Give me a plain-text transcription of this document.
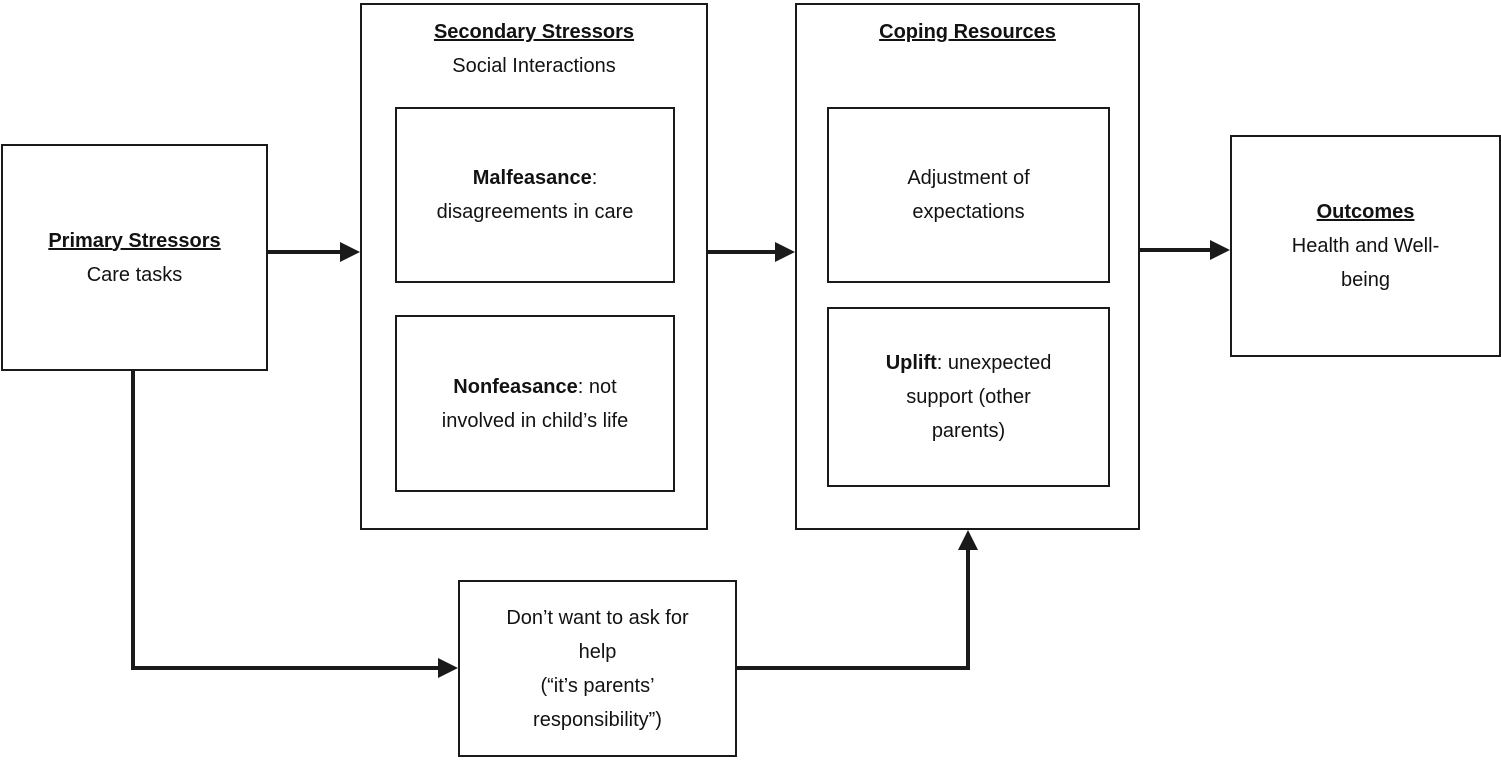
Primary Stressors
Care tasks
Secondary Stressors
Social Interactions
Malfeasance: disagreements in care
Nonfeasance: not involved in child’s life
Coping Resources
Adjustment of expectations
Uplift: unexpected support (other parents)
Outcomes
Health and Well-being
Don’t want to ask for help
(“it’s parents’ responsibility”)
